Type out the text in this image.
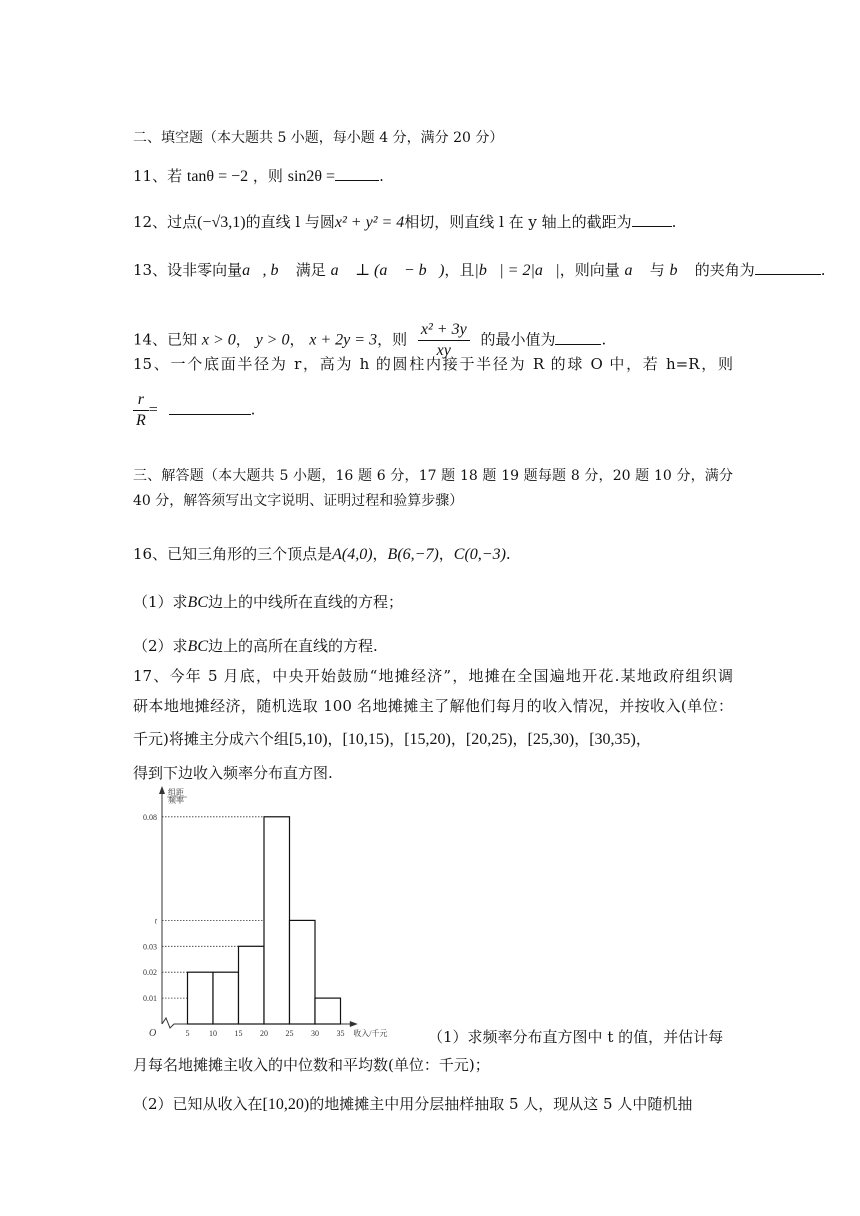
二、填空题（本大题共 5 小题，每小题 4 分，满分 20 分）
11、若 tanθ = −2 ，则 sin2θ =	.
12、过点(−√3,1)的直线 l 与圆x² + y² = 4相切，则直线 l 在 y 轴上的截距为	.
13、设非零向量a⃗, b⃗ 满足 a⃗ ⊥ (a⃗ − b⃗)，且|b⃗| = 2|a⃗|，则向量 a⃗ 与 b⃗ 的夹角为	.
14、已知 x > 0， y > 0， x + 2y = 3，则 $\frac{\text{x² + 3y}}{xy}$ 的最小值为	.
15、一个底面半径为 r，高为 h 的圆柱内接于半径为 R 的球 O 中，若 h=R，则
$\frac{r}{R}$ =	.
三、解答题（本大题共 5 小题，16 题 6 分，17 题 18 题 19 题每题 8 分，20 题 10 分，满分
40 分，解答须写出文字说明、证明过程和验算步骤）
16、已知三角形的三个顶点是A(4,0)，B(6,−7)，C(0,−3).
（1）求BC边上的中线所在直线的方程；
（2）求BC边上的高所在直线的方程.
17、今年 5 月底，中央开始鼓励“地摊经济”，地摊在全国遍地开花.某地政府组织调
研本地地摊经济，随机选取 100 名地摊摊主了解他们每月的收入情况，并按收入(单位：
千元)将摊主分成六个组[5,10)，[10,15)，[15,20)，[20,25)，[25,30)，[30,35)，
得到下边收入频率分布直方图.
O
组距
频率
收入/千元
0.01
0.02
0.03
t
0.08
5 10 15 20 25 30 35	（1）求频率分布直方图中 t 的值，并估计每
月每名地摊摊主收入的中位数和平均数(单位：千元)；
（2）已知从收入在[10,20)的地摊摊主中用分层抽样抽取 5 人，现从这 5 人中随机抽
